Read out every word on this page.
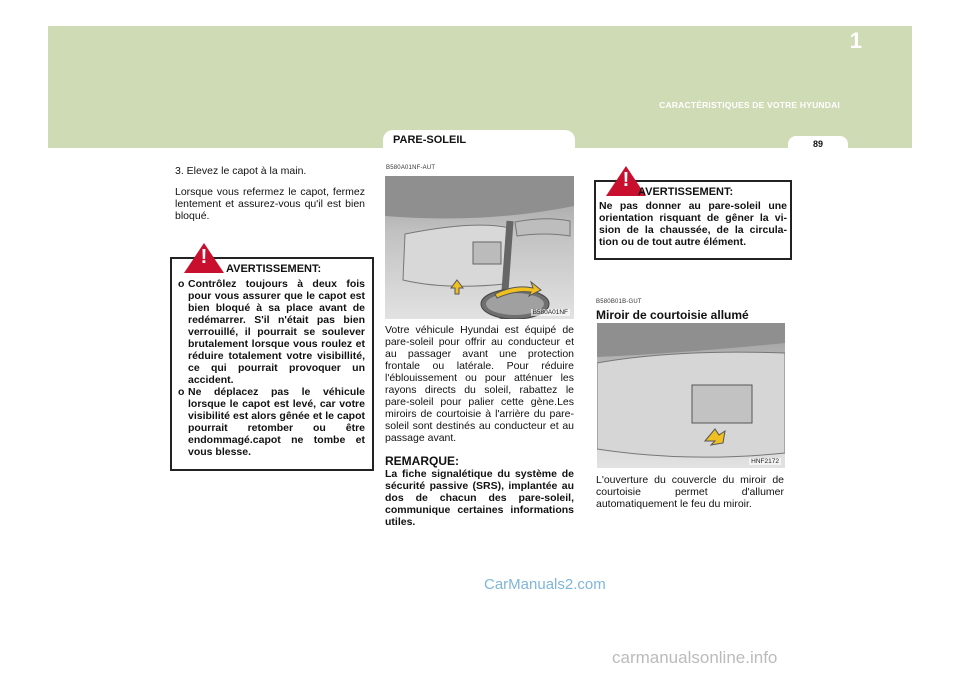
1
CARACTÉRISTIQUES DE VOTRE HYUNDAI
89
PARE-SOLEIL

3. Elevez le capot à la main.

Lorsque vous refermez le capot, fermez lentement et assurez-vous qu'il est bien bloqué.

!
AVERTISSEMENT:
o Contrôlez toujours à deux fois pour vous assurer que le capot est bien bloqué à sa place avant de redémarrer. S'il n'était pas bien verrouillé, il pourrait se soulever brutalement lorsque vous roulez et réduire totalement votre visibillité, ce qui pourrait provoquer un accident.
o Ne déplacez pas le véhicule lorsque le capot est levé, car votre visibilité est alors gênée et le capot pourrait retomber ou être endommagé.capot ne tombe et vous blesse.
B580A01NF-AUT
B580A01NF

Votre véhicule Hyundai est équipé de pare-soleil pour offrir au conducteur et au passager avant une protection frontale ou latérale. Pour réduire l'éblouissement ou pour atténuer les rayons directs du soleil, rabattez le pare-soleil pour palier cette gène.Les miroirs de courtoisie à l'arrière du pare-soleil sont destinés au conducteur et au passage avant.

REMARQUE:

La fiche signalétique du système de sécurité passive (SRS), implantée au dos de chacun des pare-soleil, communique certaines informations utiles.

!
AVERTISSEMENT:
Ne pas donner au pare-soleil une orientation risquant de gêner la vi-sion de la chaussée, de la circula-tion ou de tout autre élément.
B580B01B-GUT
Miroir de courtoisie allumé
HNF2172

L'ouverture du couvercle du miroir de courtoisie permet d'allumer automatiquement le feu du miroir.

CarManuals2.com
carmanualsonline.info
